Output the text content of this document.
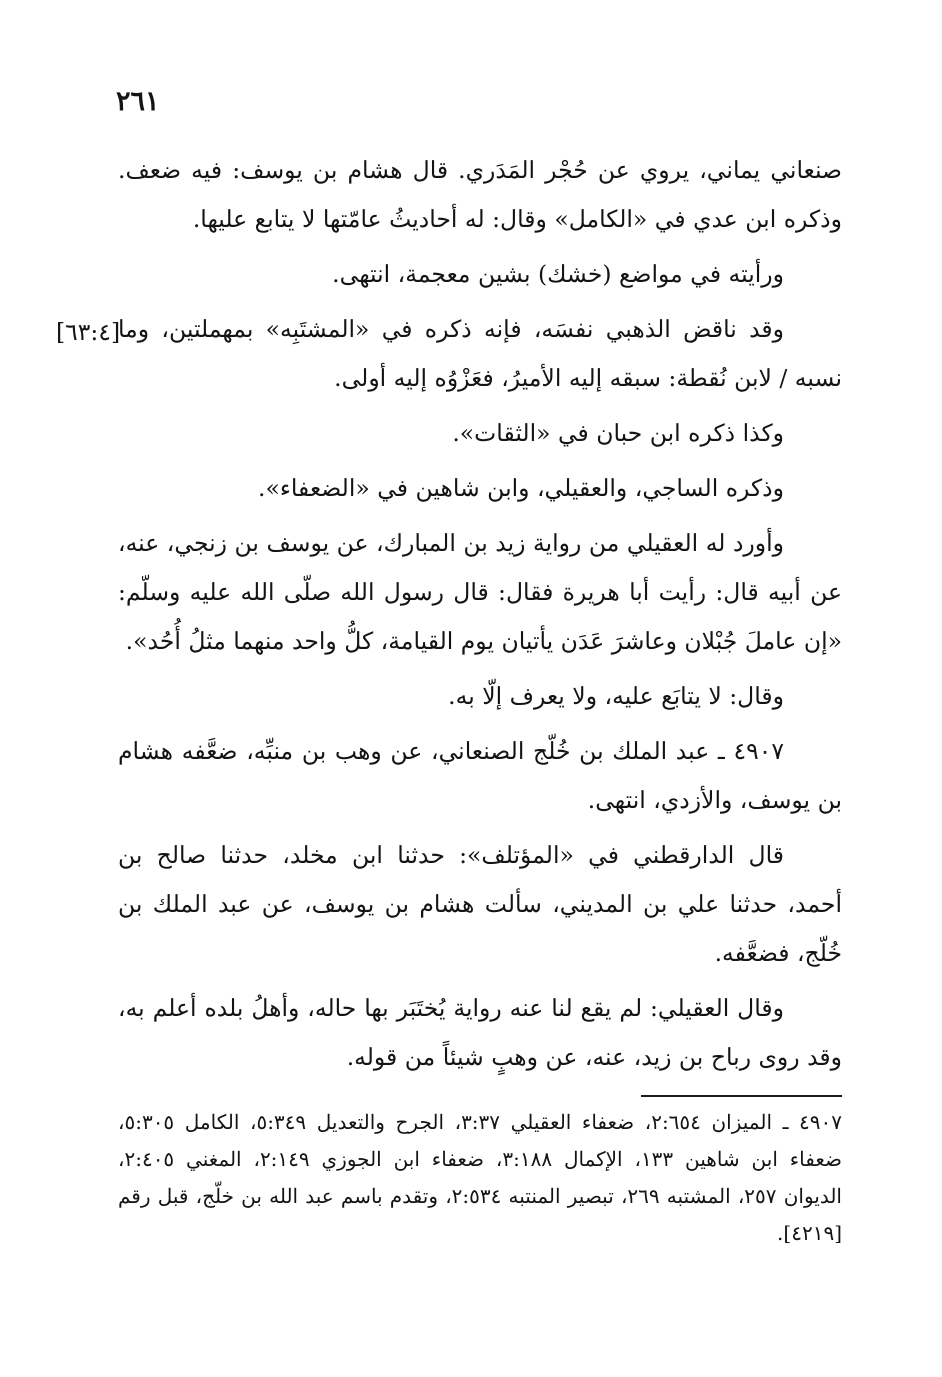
٢٦١

صنعاني يماني، يروي عن حُجْر المَدَري. قال هشام بن يوسف: فيه ضعف. وذكره ابن عدي في «الكامل» وقال: له أحاديثُ عامّتها لا يتابع عليها.

ورأيته في مواضع (خشك) بشين معجمة، انتهى.

وقد ناقض الذهبي نفسَه، فإنه ذكره في «المشتَبِه» بمهملتين، وما نسبه / لابن نُقطة: سبقه إليه الأميرُ، فعَزْوُه إليه أولى.

وكذا ذكره ابن حبان في «الثقات».

وذكره الساجي، والعقيلي، وابن شاهين في «الضعفاء».

وأورد له العقيلي من رواية زيد بن المبارك، عن يوسف بن زنجي، عنه، عن أبيه قال: رأيت أبا هريرة فقال: قال رسول الله صلّى الله عليه وسلّم: «إن عاملَ جُبْلان وعاشرَ عَدَن يأتيان يوم القيامة، كلُّ واحد منهما مثلُ أُحُد».

وقال: لا يتابَع عليه، ولا يعرف إلّا به.

٤٩٠٧ ـ عبد الملك بن خُلّج الصنعاني، عن وهب بن منبِّه، ضعَّفه هشام بن يوسف، والأزدي، انتهى.

قال الدارقطني في «المؤتلف»: حدثنا ابن مخلد، حدثنا صالح بن أحمد، حدثنا علي بن المديني، سألت هشام بن يوسف، عن عبد الملك بن خُلّج، فضعَّفه.

وقال العقيلي: لم يقع لنا عنه رواية يُختَبَر بها حاله، وأهلُ بلده أعلم به، وقد روى رباح بن زيد، عنه، عن وهبٍ شيئاً من قوله.

[٦٣:٤]
٤٩٠٧ ـ الميزان ٢:٦٥٤، ضعفاء العقيلي ٣:٣٧، الجرح والتعديل ٥:٣٤٩، الكامل ٥:٣٠٥، ضعفاء ابن شاهين ١٣٣، الإكمال ٣:١٨٨، ضعفاء ابن الجوزي ٢:١٤٩، المغني ٢:٤٠٥، الديوان ٢٥٧، المشتبه ٢٦٩، تبصير المنتبه ٢:٥٣٤، وتقدم باسم عبد الله بن خلّج، قبل رقم [٤٢١٩].
